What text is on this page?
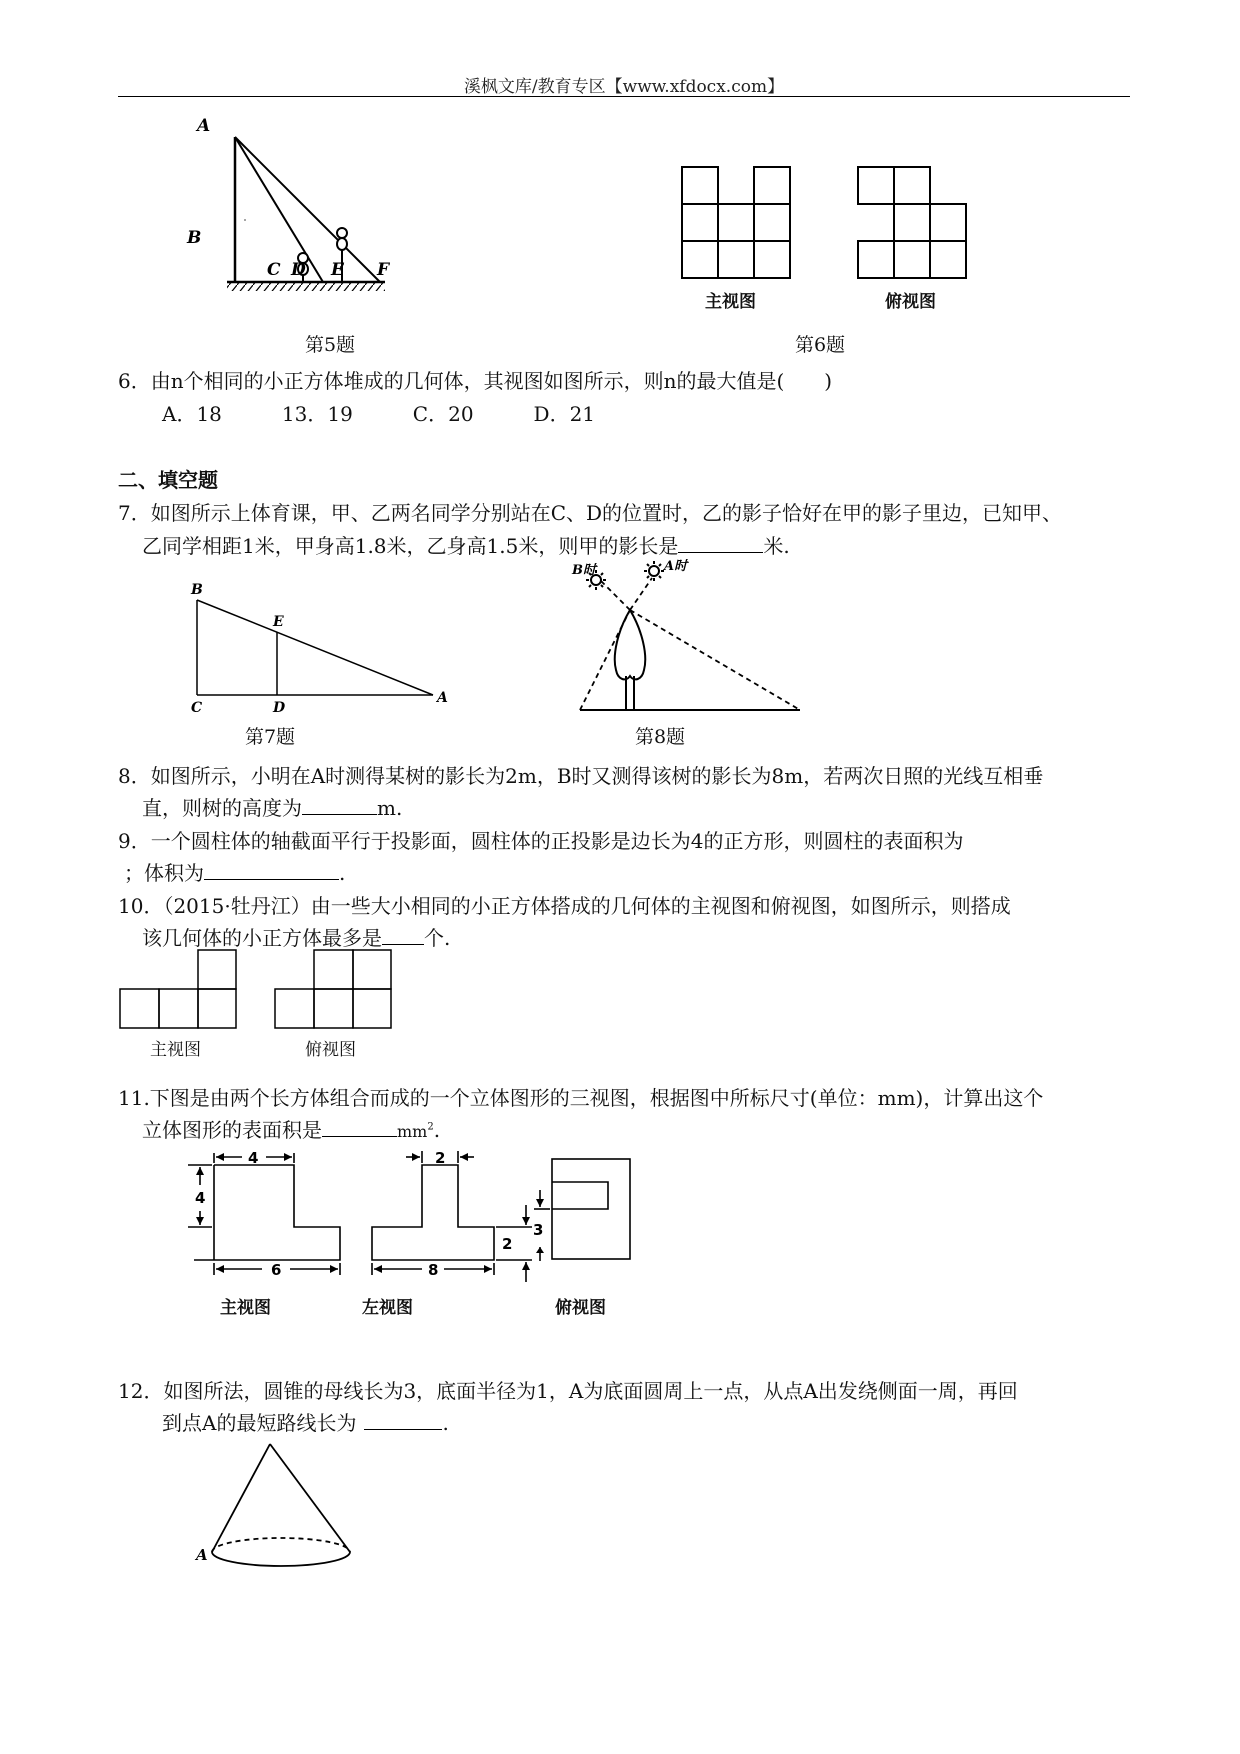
溪枫文库/教育专区【www.xfdocx.com】
A
B
C D E F
第5题
主视图	俯视图
第6题
6．由n个相同的小正方体堆成的几何体，其视图如图所示，则n的最大值是(　　)
A．18　　　13．19　　　C．20　　　D．21
二、填空题
7．如图所示上体育课，甲、乙两名同学分别站在C、D的位置时，乙的影子恰好在甲的影子里边，已知甲、
乙同学相距1米，甲身高1.8米，乙身高1.5米，则甲的影长是	米.
B
E
C	D
A
第7题
B时	A时
第8题
8．如图所示，小明在A时测得某树的影长为2m，B时又测得该树的影长为8m，若两次日照的光线互相垂
直，则树的高度为	m.
9．一个圆柱体的轴截面平行于投影面，圆柱体的正投影是边长为4的正方形，则圆柱的表面积为
；体积为	.
10．（2015·牡丹江）由一些大小相同的小正方体搭成的几何体的主视图和俯视图，如图所示，则搭成
该几何体的小正方体最多是 个.
主视图	俯视图
11.下图是由两个长方体组合而成的一个立体图形的三视图，根据图中所标尺寸(单位：mm)，计算出这个
立体图形的表面积是	$mm^2$.
4
4
6
2
8
2
3
主视图	左视图	俯视图
12．如图所法，圆锥的母线长为3，底面半径为1，A为底面圆周上一点，从点A出发绕侧面一周，再回
到点A的最短路线长为	.
A
